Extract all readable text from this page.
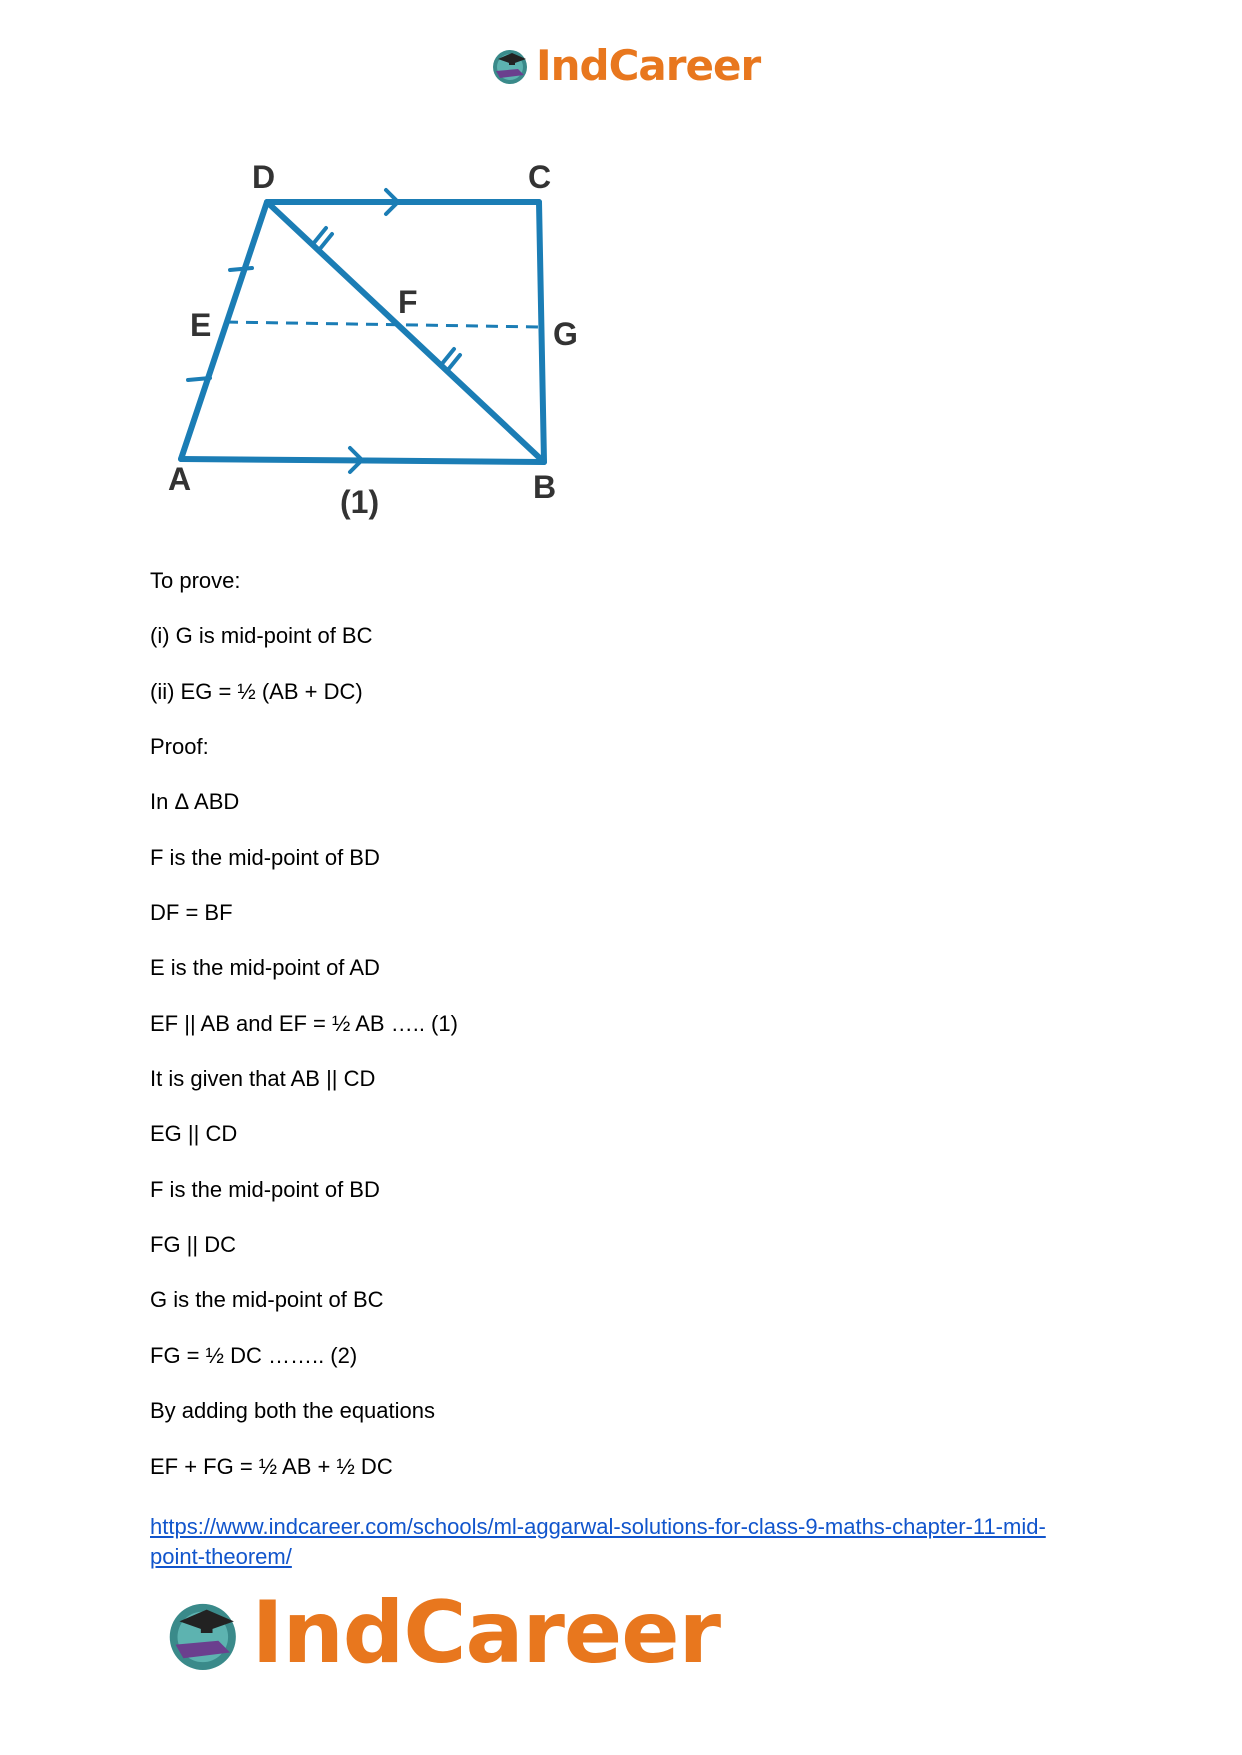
IndCareer
D	C
E
F
G
A	B
(1)
To prove:
(i) G is mid-point of BC
(ii) EG = ½ (AB + DC)
Proof:
In Δ ABD
F is the mid-point of BD
DF = BF
E is the mid-point of AD
EF || AB and EF = ½ AB ….. (1)
It is given that AB || CD
EG || CD
F is the mid-point of BD
FG || DC
G is the mid-point of BC
FG = ½ DC …….. (2)
By adding both the equations
EF + FG = ½ AB + ½ DC
https://www.indcareer.com/schools/ml-aggarwal-solutions-for-class-9-maths-chapter-11-mid-point-theorem/
IndCareer
